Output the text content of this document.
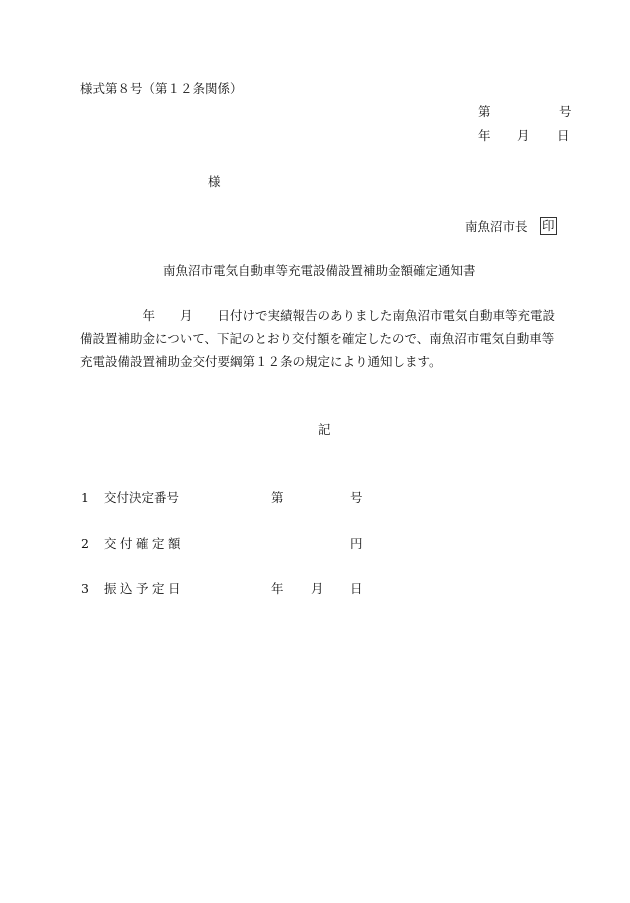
様式第８号（第１２条関係）
第	号
年 月 日
様
南魚沼市長 印
南魚沼市電気自動車等充電設備設置補助金額確定通知書
　　　　　年　　月　　日付けで実績報告のありました南魚沼市電気自動車等充電設
備設置補助金について、下記のとおり交付額を確定したので、南魚沼市電気自動車等
充電設備設置補助金交付要綱第１２条の規定により通知します。
記
1 交付決定番号	第	号
2 交付確定額	円
3 振込予定日	年 月 日
